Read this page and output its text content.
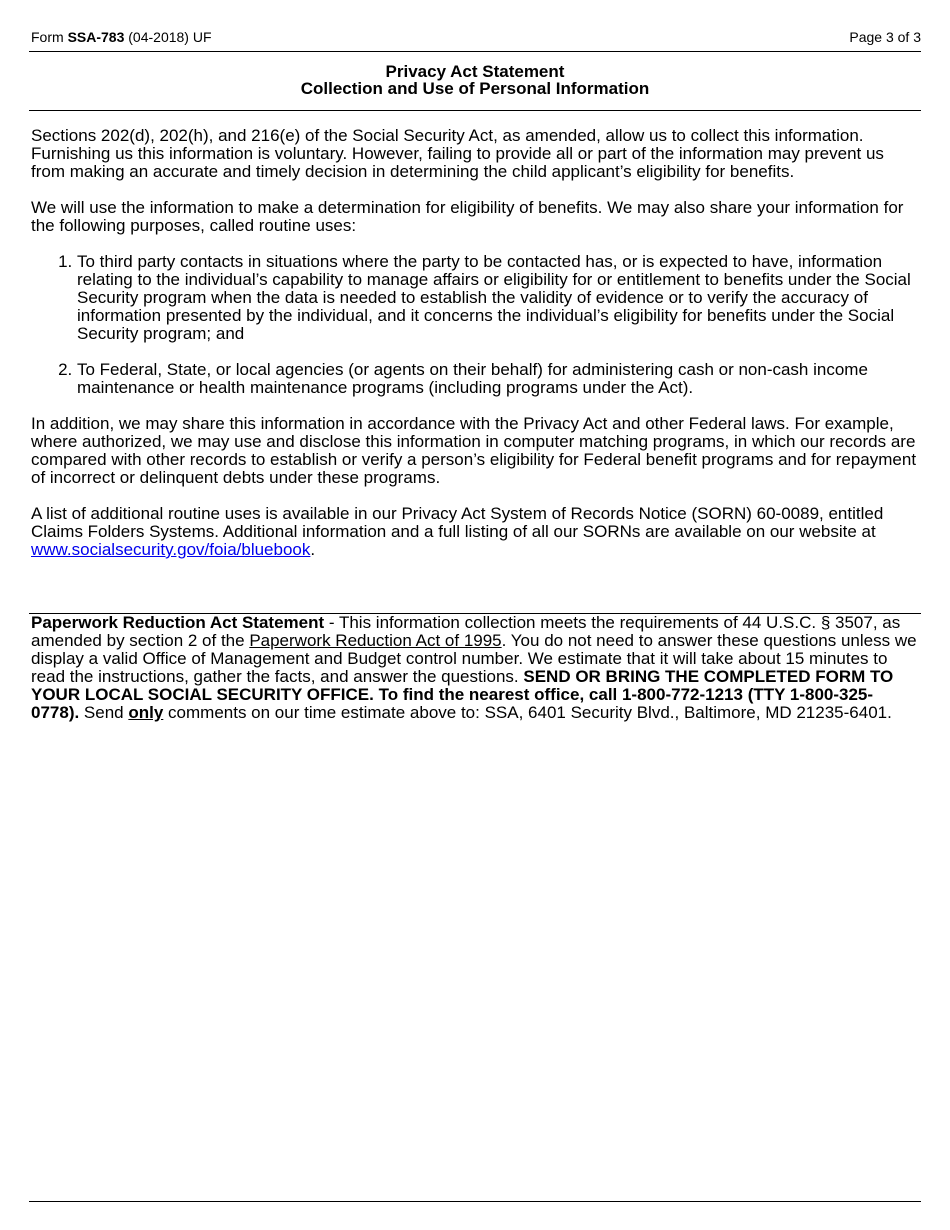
Form SSA-783 (04-2018) UF	Page 3 of 3
Privacy Act Statement
Collection and Use of Personal Information

Sections 202(d), 202(h), and 216(e) of the Social Security Act, as amended, allow us to collect this information. Furnishing us this information is voluntary. However, failing to provide all or part of the information may prevent us from making an accurate and timely decision in determining the child applicant’s eligibility for benefits.

We will use the information to make a determination for eligibility of benefits. We may also share your information for the following purposes, called routine uses:

1. To third party contacts in situations where the party to be contacted has, or is expected to have, information relating to the individual’s capability to manage affairs or eligibility for or entitlement to benefits under the Social Security program when the data is needed to establish the validity of evidence or to verify the accuracy of information presented by the individual, and it concerns the individual’s eligibility for benefits under the Social Security program; and
2. To Federal, State, or local agencies (or agents on their behalf) for administering cash or non-cash income maintenance or health maintenance programs (including programs under the Act).

In addition, we may share this information in accordance with the Privacy Act and other Federal laws. For example, where authorized, we may use and disclose this information in computer matching programs, in which our records are compared with other records to establish or verify a person’s eligibility for Federal benefit programs and for repayment of incorrect or delinquent debts under these programs.

A list of additional routine uses is available in our Privacy Act System of Records Notice (SORN) 60-0089, entitled Claims Folders Systems. Additional information and a full listing of all our SORNs are available on our website at www.socialsecurity.gov/foia/bluebook.

Paperwork Reduction Act Statement - This information collection meets the requirements of 44 U.S.C. § 3507, as amended by section 2 of the Paperwork Reduction Act of 1995. You do not need to answer these questions unless we display a valid Office of Management and Budget control number. We estimate that it will take about 15 minutes to read the instructions, gather the facts, and answer the questions. SEND OR BRING THE COMPLETED FORM TO YOUR LOCAL SOCIAL SECURITY OFFICE. To find the nearest office, call 1-800-772-1213 (TTY 1-800-325-0778). Send only comments on our time estimate above to: SSA, 6401 Security Blvd., Baltimore, MD 21235-6401.
